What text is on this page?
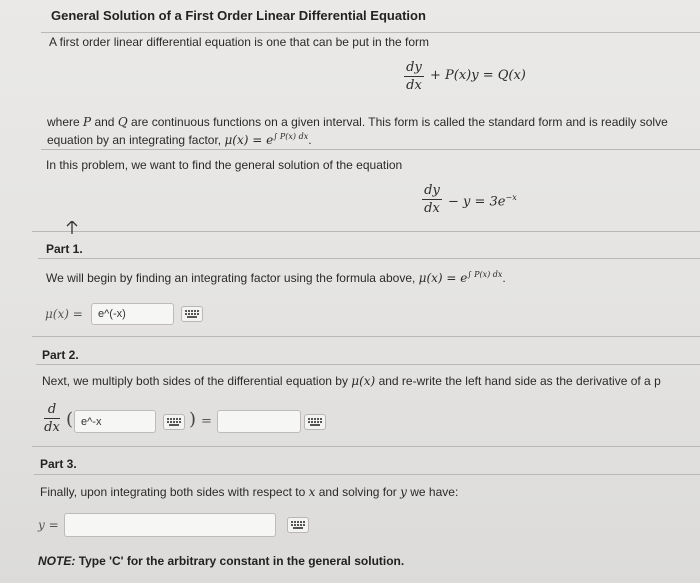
General Solution of a First Order Linear Differential Equation
A first order linear differential equation is one that can be put in the form
dy
dx
+ P(x)y = Q(x)
where P and Q are continuous functions on a given interval. This form is called the standard form and is readily solve
equation by an integrating factor, $\mu(x) = e^{\int P(x) dx}$.
In this problem, we want to find the general solution of the equation
dy
dx − $y = 3e^{-x}$
Part 1.
We will begin by finding an integrating factor using the formula above, $\mu(x) = e^{\int P(x) dx}$.
μ(x) =	e^(-x)
Part 2.
Next, we multiply both sides of the differential equation by μ(x) and re-write the left hand side as the derivative of a p
d
dx ( e^-x	) =
Part 3.
Finally, upon integrating both sides with respect to x and solving for y we have:
y =
NOTE: Type 'C' for the arbitrary constant in the general solution.
